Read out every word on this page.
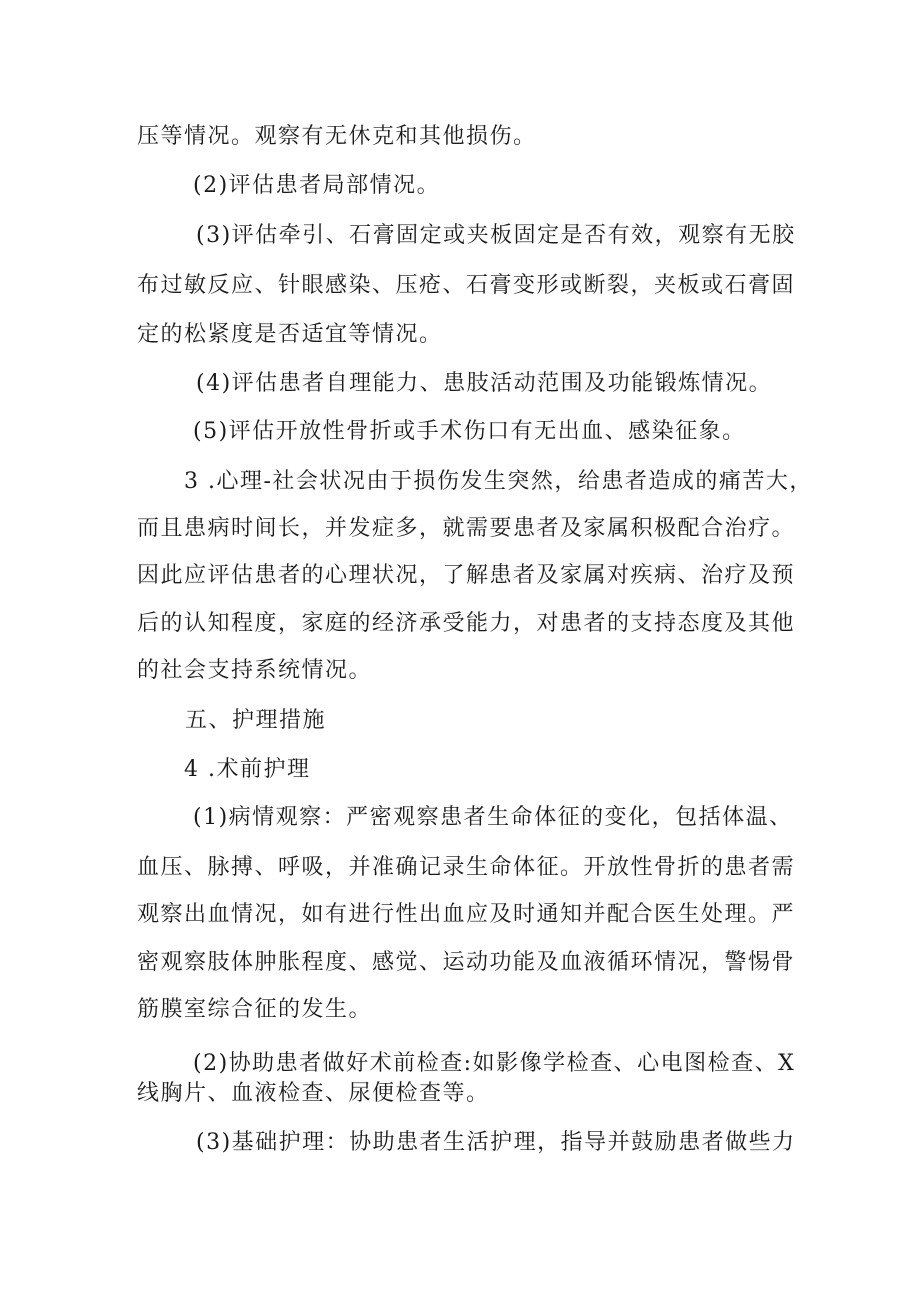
压等情况。观察有无休克和其他损伤。
(2)评估患者局部情况。
(3)评估牵引、石膏固定或夹板固定是否有效，观察有无胶
布过敏反应、针眼感染、压疮、石膏变形或断裂，夹板或石膏固
定的松紧度是否适宜等情况。
(4)评估患者自理能力、患肢活动范围及功能锻炼情况。
(5)评估开放性骨折或手术伤口有无出血、感染征象。
3 .心理-社会状况由于损伤发生突然，给患者造成的痛苦大，
而且患病时间长，并发症多，就需要患者及家属积极配合治疗。
因此应评估患者的心理状况，了解患者及家属对疾病、治疗及预
后的认知程度，家庭的经济承受能力，对患者的支持态度及其他
的社会支持系统情况。
五、护理措施
4 .术前护理
(1)病情观察：严密观察患者生命体征的变化，包括体温、
血压、脉搏、呼吸，并准确记录生命体征。开放性骨折的患者需
观察出血情况，如有进行性出血应及时通知并配合医生处理。严
密观察肢体肿胀程度、感觉、运动功能及血液循环情况，警惕骨
筋膜室综合征的发生。
(2)协助患者做好术前检查:如影像学检查、心电图检查、X
线胸片、血液检查、尿便检查等。
(3)基础护理：协助患者生活护理，指导并鼓励患者做些力
